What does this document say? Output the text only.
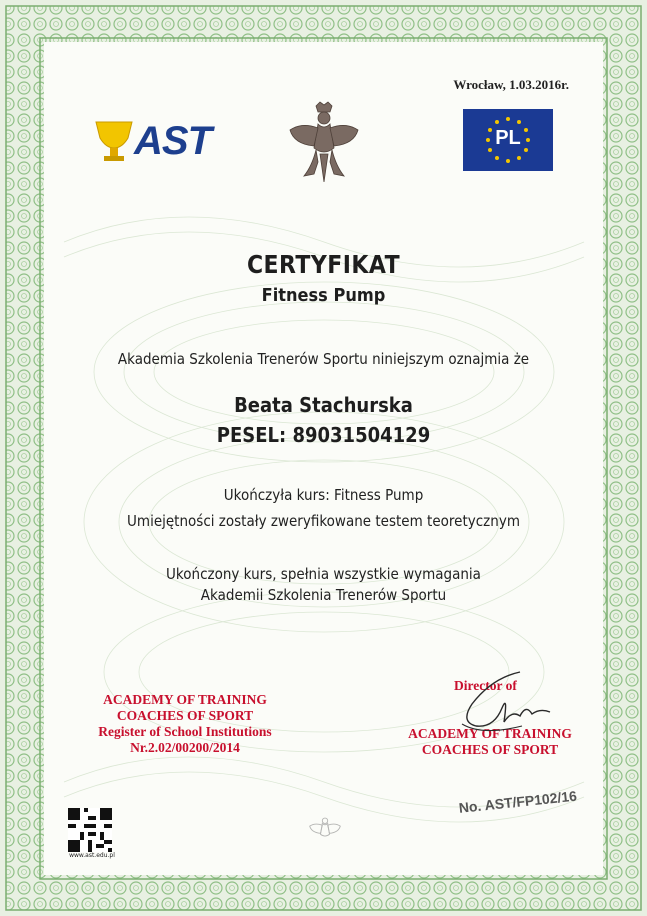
Wrocław, 1.03.2016r.
AST	PL
CERTYFIKAT
Fitness Pump
Akademia Szkolenia Trenerów Sportu niniejszym oznajmia że
Beata Stachurska
PESEL: 89031504129
Ukończyła kurs: Fitness Pump
Umiejętności zostały zweryfikowane testem teoretycznym
Ukończony kurs, spełnia wszystkie wymagania
Akademii Szkolenia Trenerów Sportu
ACADEMY OF TRAINING
COACHES OF SPORT
Register of School Institutions
Nr.2.02/00200/2014
Director of
ACADEMY OF TRAINING
COACHES OF SPORT
No. AST/FP102/16
www.ast.edu.pl
